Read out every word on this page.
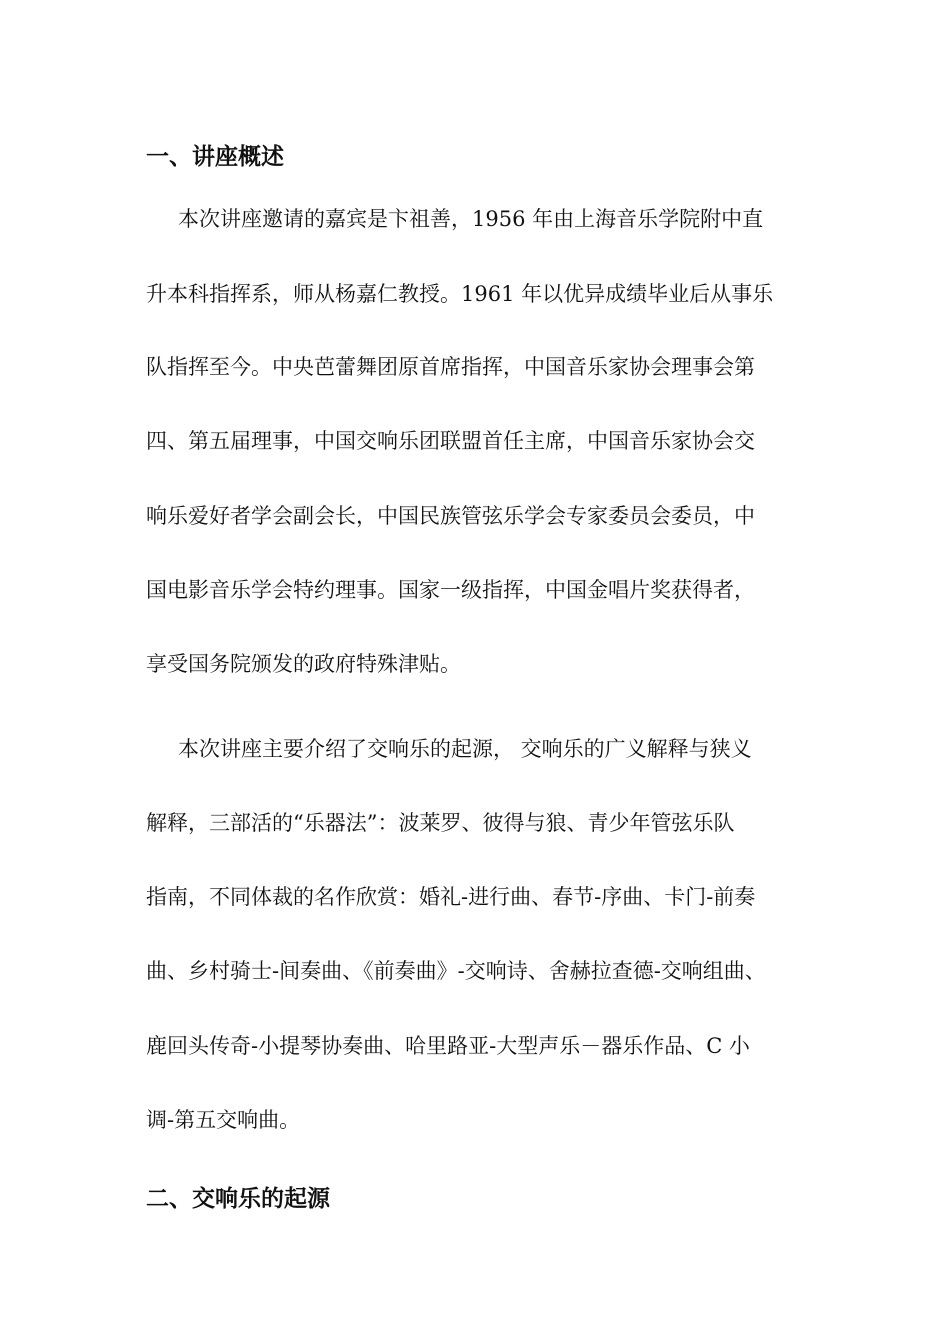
一、讲座概述

本次讲座邀请的嘉宾是卞祖善，1956 年由上海音乐学院附中直

升本科指挥系，师从杨嘉仁教授。1961 年以优异成绩毕业后从事乐

队指挥至今。中央芭蕾舞团原首席指挥，中国音乐家协会理事会第

四、第五届理事，中国交响乐团联盟首任主席，中国音乐家协会交

响乐爱好者学会副会长，中国民族管弦乐学会专家委员会委员，中

国电影音乐学会特约理事。国家一级指挥，中国金唱片奖获得者，

享受国务院颁发的政府特殊津贴。

本次讲座主要介绍了交响乐的起源， 交响乐的广义解释与狭义

解释，三部活的“乐器法”：波莱罗、彼得与狼、青少年管弦乐队

指南，不同体裁的名作欣赏：婚礼-进行曲、春节-序曲、卡门-前奏

曲、乡村骑士-间奏曲、《前奏曲》-交响诗、舍赫拉查德-交响组曲、

鹿回头传奇-小提琴协奏曲、哈里路亚-大型声乐－器乐作品、C 小

调-第五交响曲。

二、交响乐的起源
